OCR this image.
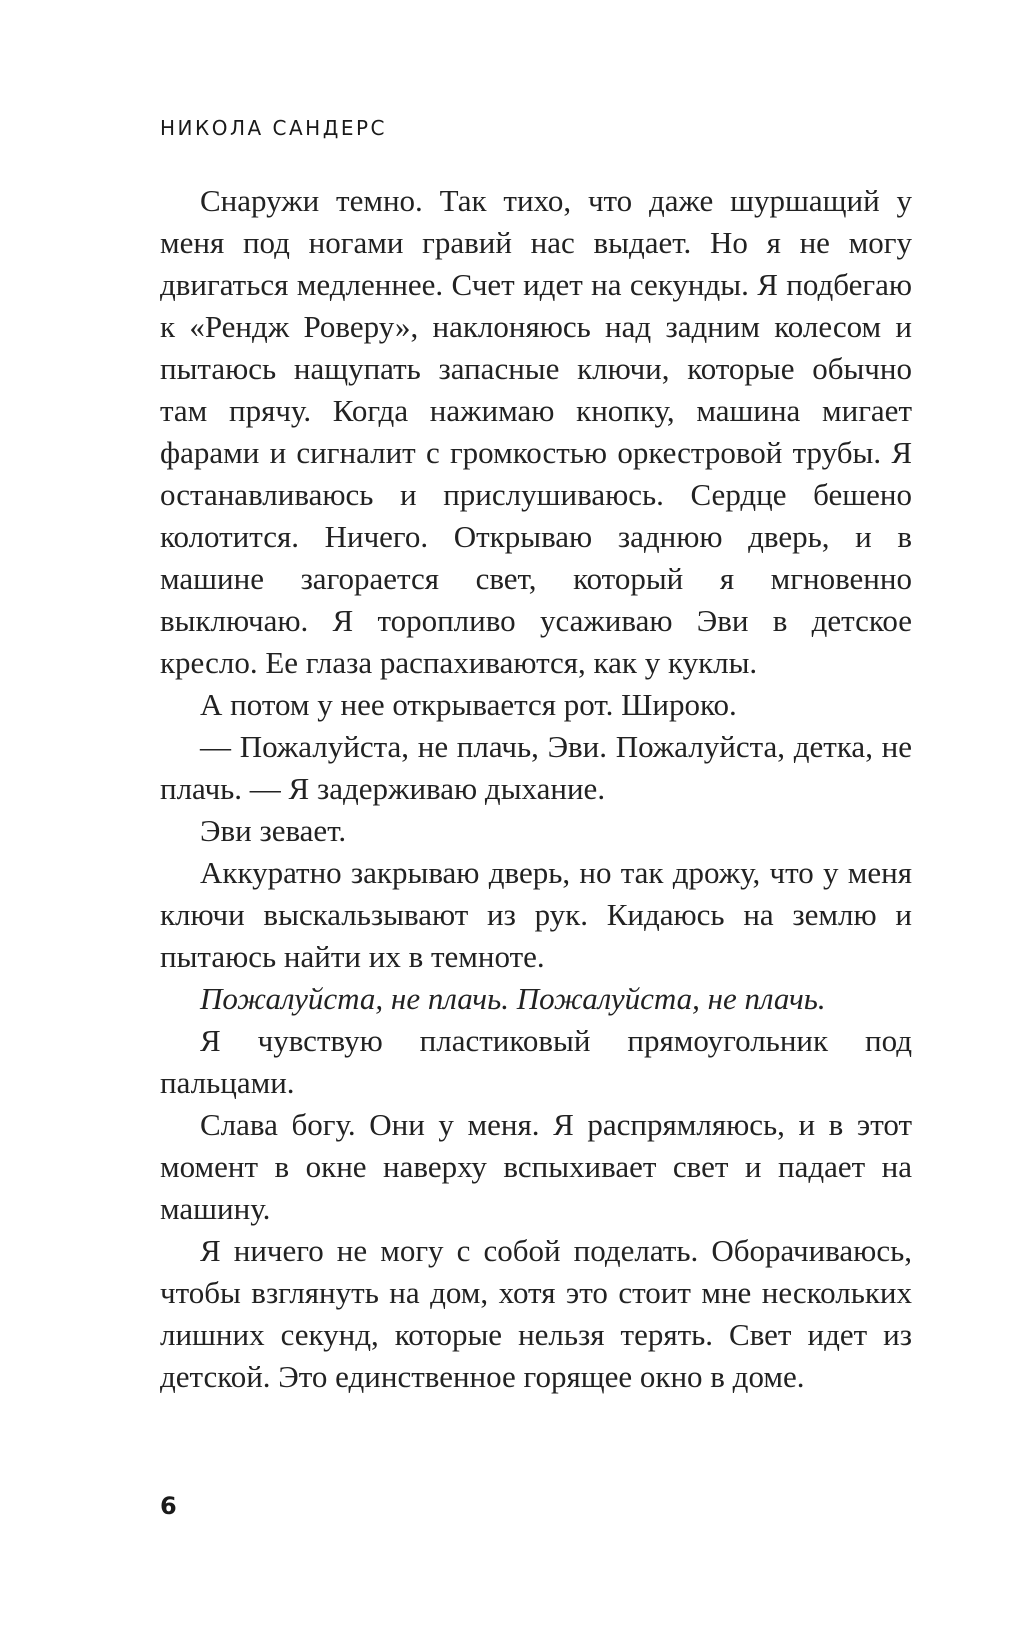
НИКОЛА САНДЕРС

Снаружи темно. Так тихо, что даже шуршащий у меня под ногами гравий нас выдает. Но я не могу двигаться медленнее. Счет идет на секунды. Я подбегаю к «Рендж Роверу», наклоняюсь над задним колесом и пытаюсь нащупать запасные ключи, которые обычно там прячу. Когда нажимаю кнопку, машина мигает фарами и сигналит с громкостью оркестровой трубы. Я останавливаюсь и прислушиваюсь. Сердце бешено колотится. Ничего. Открываю заднюю дверь, и в машине загорается свет, который я мгновенно выключаю. Я торопливо усаживаю Эви в детское кресло. Ее глаза распахиваются, как у куклы.

А потом у нее открывается рот. Широко.

— Пожалуйста, не плачь, Эви. Пожалуйста, детка, не плачь. — Я задерживаю дыхание.

Эви зевает.

Аккуратно закрываю дверь, но так дрожу, что у меня ключи выскальзывают из рук. Кидаюсь на землю и пытаюсь найти их в темноте.

Пожалуйста, не плачь. Пожалуйста, не плачь.

Я чувствую пластиковый прямоугольник под пальцами.

Слава богу. Они у меня. Я распрямляюсь, и в этот момент в окне наверху вспыхивает свет и падает на машину.

Я ничего не могу с собой поделать. Оборачиваюсь, чтобы взглянуть на дом, хотя это стоит мне нескольких лишних секунд, которые нельзя терять. Свет идет из детской. Это единственное горящее окно в доме.

6
